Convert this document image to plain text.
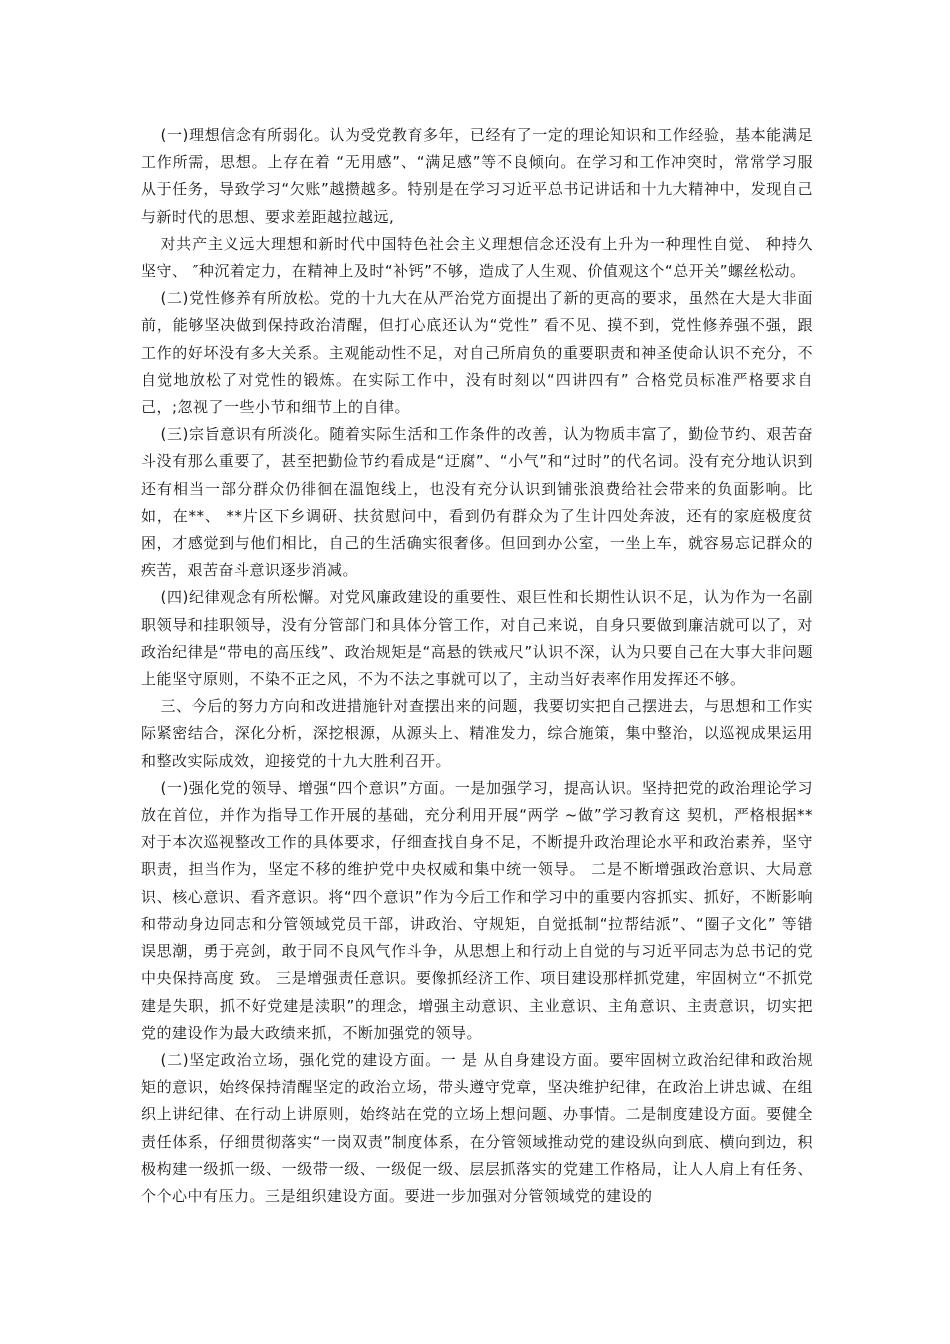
(一)理想信念有所弱化。认为受党教育多年，已经有了一定的理论知识和工作经验，基本能满足工作所需，思想。上存在着 “无用感”、“满足感”等不良倾向。在学习和工作冲突时，常常学习服从于任务，导致学习“欠账”越攒越多。特别是在学习习近平总书记讲话和十九大精神中，发现自己与新时代的思想、要求差距越拉越远,

对共产主义远大理想和新时代中国特色社会主义理想信念还没有上升为一种理性自觉、 种持久坚守、 ″种沉着定力，在精神上及时“补钙”不够，造成了人生观、价值观这个“总开关”螺丝松动。

(二)党性修养有所放松。党的十九大在从严治党方面提出了新的更高的要求，虽然在大是大非面前，能够坚决做到保持政治清醒，但打心底还认为“党性” 看不见、摸不到，党性修养强不强，跟工作的好坏没有多大关系。主观能动性不足，对自己所肩负的重要职责和神圣使命认识不充分，不自觉地放松了对党性的锻炼。在实际工作中，没有时刻以“四讲四有” 合格党员标准严格要求自己，;忽视了一些小节和细节上的自律。

(三)宗旨意识有所淡化。随着实际生活和工作条件的改善，认为物质丰富了，勤俭节约、艰苦奋斗没有那么重要了，甚至把勤俭节约看成是“迂腐”、“小气”和“过时”的代名词。没有充分地认识到还有相当一部分群众仍徘徊在温饱线上，也没有充分认识到铺张浪费给社会带来的负面影响。比如，在**、 **片区下乡调研、扶贫慰问中，看到仍有群众为了生计四处奔波，还有的家庭极度贫困，才感觉到与他们相比，自己的生活确实很奢侈。但回到办公室，一坐上车，就容易忘记群众的疾苦，艰苦奋斗意识逐步消减。

(四)纪律观念有所松懈。对党风廉政建设的重要性、艰巨性和长期性认识不足，认为作为一名副职领导和挂职领导，没有分管部门和具体分管工作，对自己来说，自身只要做到廉洁就可以了，对政治纪律是“带电的高压线”、政治规矩是“高悬的铁戒尺”认识不深，认为只要自己在大事大非问题上能坚守原则，不染不正之风，不为不法之事就可以了，主动当好表率作用发挥还不够。

三、今后的努力方向和改进措施针对查摆出来的问题，我要切实把自己摆进去，与思想和工作实际紧密结合，深化分析，深挖根源，从源头上、精准发力，综合施策，集中整治，以巡视成果运用和整改实际成效，迎接党的十九大胜利召开。

(一)强化党的领导、增强“四个意识”方面。一是加强学习，提高认识。坚持把党的政治理论学习放在首位，并作为指导工作开展的基础，充分利用开展“两学 ~做”学习教育这 契机，严格根据**对于本次巡视整改工作的具体要求，仔细查找自身不足，不断提升政治理论水平和政治素养，坚守职责，担当作为，坚定不移的维护党中央权威和集中统一领导。 二是不断增强政治意识、大局意识、核心意识、看齐意识。将“四个意识”作为今后工作和学习中的重要内容抓实、抓好，不断影响和带动身边同志和分管领域党员干部，讲政治、守规矩，自觉抵制“拉帮结派”、“圈子文化” 等错误思潮，勇于亮剑，敢于同不良风气作斗争，从思想上和行动上自觉的与习近平同志为总书记的党中央保持高度 致。 三是增强责任意识。要像抓经济工作、项目建设那样抓党建，牢固树立“不抓党建是失职，抓不好党建是渎职”的理念，增强主动意识、主业意识、主角意识、主责意识，切实把党的建设作为最大政绩来抓，不断加强党的领导。

(二)坚定政治立场，强化党的建设方面。一 是 从自身建设方面。要牢固树立政治纪律和政治规矩的意识，始终保持清醒坚定的政治立场，带头遵守党章，坚决维护纪律，在政治上讲忠诚、在组织上讲纪律、在行动上讲原则，始终站在党的立场上想问题、办事情。二是制度建设方面。要健全责任体系，仔细贯彻落实“一岗双责”制度体系，在分管领域推动党的建设纵向到底、横向到边，积极构建一级抓一级、一级带一级、一级促一级、层层抓落实的党建工作格局，让人人肩上有任务、个个心中有压力。三是组织建设方面。要进一步加强对分管领域党的建设的
